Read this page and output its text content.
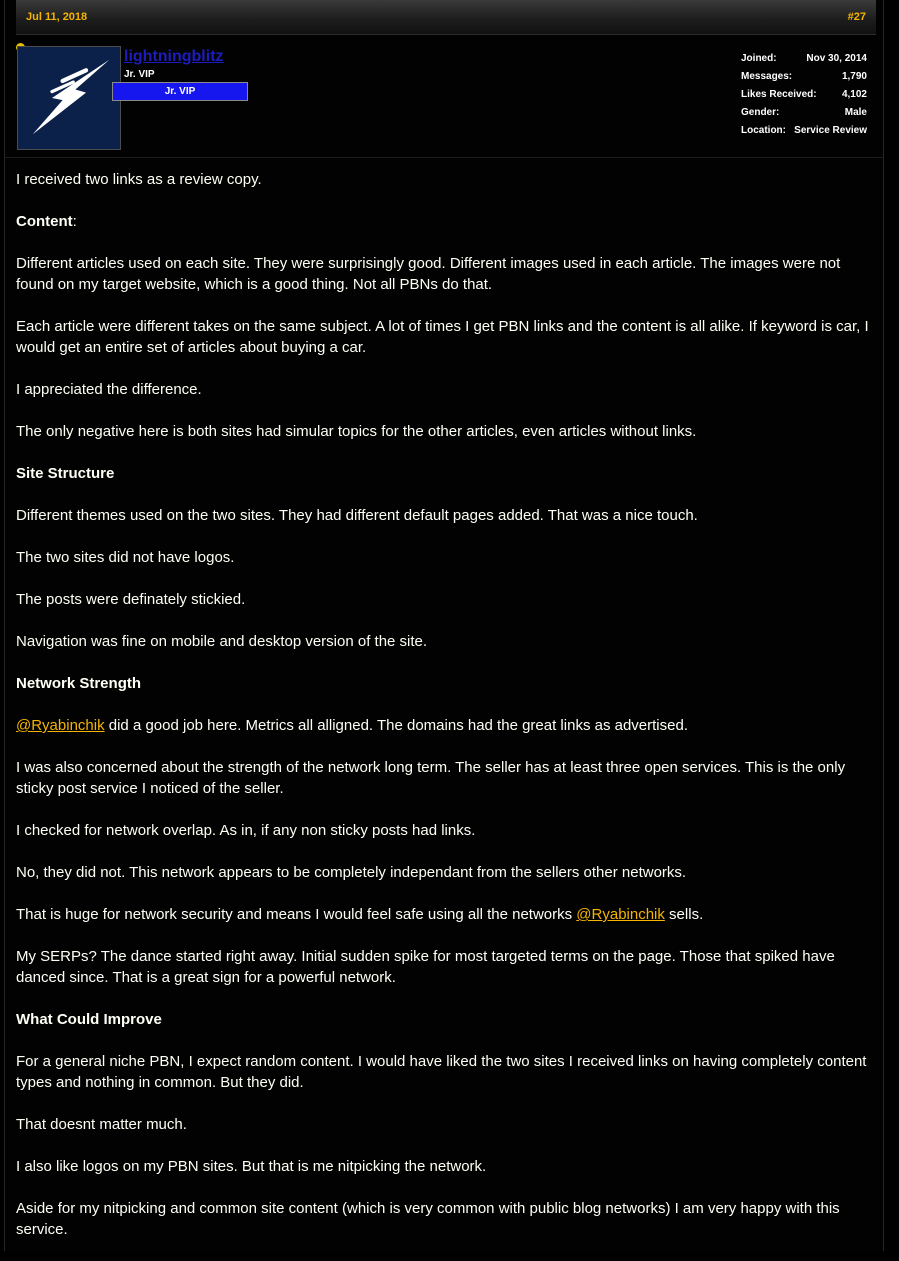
Jul 11, 2018	#27
lightningblitz
Jr. VIP
Jr. VIP
Joined:	Nov 30, 2014
Messages:	1,790
Likes Received:	4,102
Gender:	Male
Location: Service Review

I received two links as a review copy.

Content:

Different articles used on each site. They were surprisingly good. Different images used in each article. The images were not found on my target website, which is a good thing. Not all PBNs do that.

Each article were different takes on the same subject. A lot of times I get PBN links and the content is all alike. If keyword is car, I would get an entire set of articles about buying a car.

I appreciated the difference.

The only negative here is both sites had simular topics for the other articles, even articles without links.

Site Structure

Different themes used on the two sites. They had different default pages added. That was a nice touch.

The two sites did not have logos.

The posts were definately stickied.

Navigation was fine on mobile and desktop version of the site.

Network Strength

@Ryabinchik did a good job here. Metrics all alligned. The domains had the great links as advertised.

I was also concerned about the strength of the network long term. The seller has at least three open services. This is the only sticky post service I noticed of the seller.

I checked for network overlap. As in, if any non sticky posts had links.

No, they did not. This network appears to be completely independant from the sellers other networks.

That is huge for network security and means I would feel safe using all the networks @Ryabinchik sells.

My SERPs? The dance started right away. Initial sudden spike for most targeted terms on the page. Those that spiked have danced since. That is a great sign for a powerful network.

What Could Improve

For a general niche PBN, I expect random content. I would have liked the two sites I received links on having completely content types and nothing in common. But they did.

That doesnt matter much.

I also like logos on my PBN sites. But that is me nitpicking the network.

Aside for my nitpicking and common site content (which is very common with public blog networks) I am very happy with this service.
